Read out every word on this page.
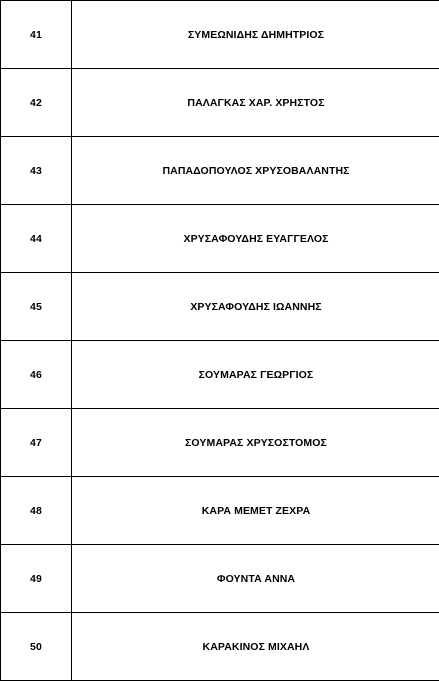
41	ΣΥΜΕΩΝΙΔΗΣ ΔΗΜΗΤΡΙΟΣ
42	ΠΑΛΑΓΚΑΣ ΧΑΡ. ΧΡΗΣΤΟΣ
43	ΠΑΠΑΔΟΠΟΥΛΟΣ ΧΡΥΣΟΒΑΛΑΝΤΗΣ
44	ΧΡΥΣΑΦΟΥΔΗΣ ΕΥΑΓΓΕΛΟΣ
45	ΧΡΥΣΑΦΟΥΔΗΣ ΙΩΑΝΝΗΣ
46	ΣΟΥΜΑΡΑΣ ΓΕΩΡΓΙΟΣ
47	ΣΟΥΜΑΡΑΣ ΧΡΥΣΟΣΤΟΜΟΣ
48	ΚΑΡΑ ΜΕΜΕΤ ΖΕΧΡΑ
49	ΦΟΥΝΤΑ ΑΝΝΑ
50	ΚΑΡΑΚΙΝΟΣ ΜΙΧΑΗΛ
